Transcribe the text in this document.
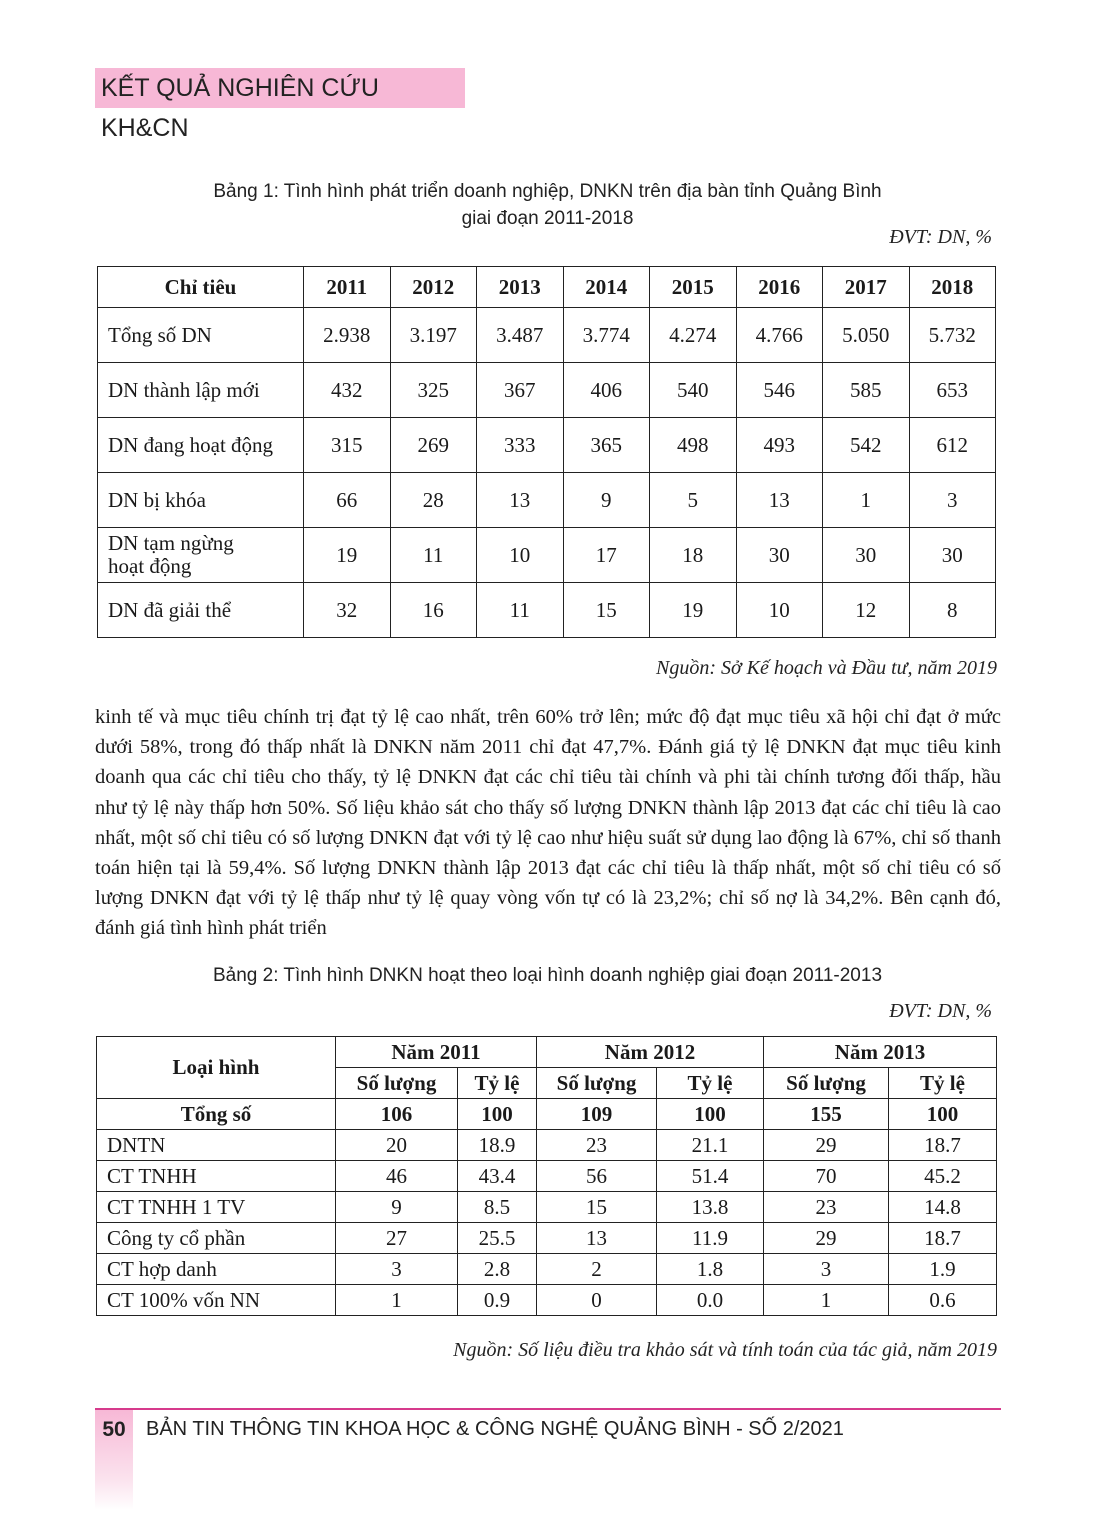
KẾT QUẢ NGHIÊN CỨU KH&CN
Bảng 1: Tình hình phát triển doanh nghiệp, DNKN trên địa bàn tỉnh Quảng Bình
giai đoạn 2011-2018
ĐVT: DN, %
Chỉ tiêu	2011	2012	2013	2014	2015	2016	2017	2018
Tổng số DN	2.938	3.197	3.487	3.774	4.274	4.766	5.050	5.732
DN thành lập mới	432	325	367	406	540	546	585	653
DN đang hoạt động	315	269	333	365	498	493	542	612
DN bị khóa	66	28	13	9	5	13	1	3

DN tạm ngừng
hoạt động	19	11	10	17	18	30	30	30
DN đã giải thể	32	16	11	15	19	10	12	8
Nguồn: Sở Kế hoạch và Đầu tư, năm 2019

kinh tế và mục tiêu chính trị đạt tỷ lệ cao nhất, trên 60% trở lên; mức độ đạt mục tiêu xã hội chỉ đạt ở mức dưới 58%, trong đó thấp nhất là DNKN năm 2011 chỉ đạt 47,7%. Đánh giá tỷ lệ DNKN đạt mục tiêu kinh doanh qua các chỉ tiêu cho thấy, tỷ lệ DNKN đạt các chỉ tiêu tài chính và phi tài chính tương đối thấp, hầu như tỷ lệ này thấp hơn 50%. Số liệu khảo sát cho thấy số lượng DNKN thành lập 2013 đạt các chỉ tiêu là cao nhất, một số chỉ tiêu có số lượng DNKN đạt với tỷ lệ cao như hiệu suất sử dụng lao động là 67%, chỉ số thanh toán hiện tại là 59,4%. Số lượng DNKN thành lập 2013 đạt các chỉ tiêu là thấp nhất, một số chỉ tiêu có số lượng DNKN đạt với tỷ lệ thấp như tỷ lệ quay vòng vốn tự có là 23,2%; chỉ số nợ là 34,2%. Bên cạnh đó, đánh giá tình hình phát triển

Bảng 2: Tình hình DNKN hoạt theo loại hình doanh nghiệp giai đoạn 2011-2013
ĐVT: DN, %
Loại hình	Năm 2011		Năm 2012		Năm 2013	
	Số lượng	Tỷ lệ	Số lượng	Tỷ lệ	Số lượng	Tỷ lệ
Tổng số	106	100	109	100	155	100
DNTN	20	18.9	23	21.1	29	18.7
CT TNHH	46	43.4	56	51.4	70	45.2
CT TNHH 1 TV	9	8.5	15	13.8	23	14.8
Công ty cổ phần	27	25.5	13	11.9	29	18.7
CT hợp danh	3	2.8	2	1.8	3	1.9
CT 100% vốn NN	1	0.9	0	0.0	1	0.6
Nguồn: Số liệu điều tra khảo sát và tính toán của tác giả, năm 2019
50	BẢN TIN THÔNG TIN KHOA HỌC & CÔNG NGHỆ QUẢNG BÌNH - SỐ 2/2021
